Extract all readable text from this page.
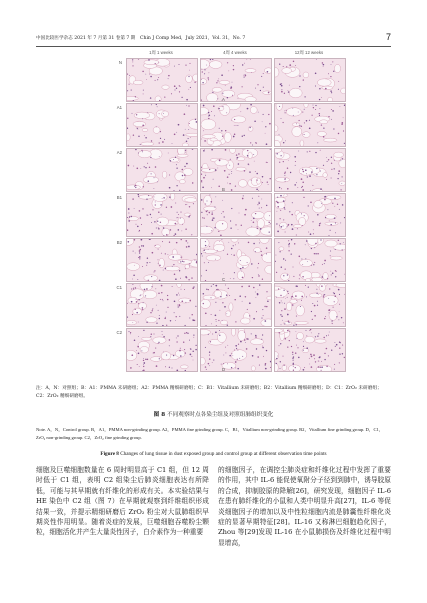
中国比较医学杂志 2021 年 7 月第 31 卷第 7 期　Chin J Comp Med，July 2021，Vol. 31，No. 7	7
1周 1 weeks	4周 4 weeks	12周 12 weeks
N
A1
A2
B1
B2
C1
C2
A
B
C
D
注：A，N：对照组；B：A1：PMMA 未研磨组；A2：PMMA 精细研磨组；C：B1：Vitallium 未研磨组；B2：Vitallium 精细研磨组；D：C1：ZrO₂ 未研磨组；C2：ZrO₂ 精细研磨组。
图 8 不同观察时点各染尘组及对照组肺组织变化
Note. A，N，Control group. B，A1，PMMA non-grinding group. A2，PMMA fine grinding group. C，B1，Vitallium non-grinding group. B2，Vitallium fine grinding group. D，C1，ZrO₂ non-grinding group. C2，ZrO₂ fine grinding group.
Figure 8 Changes of lung tissue in dust exposed group and control group at different observation time points

细胞及巨噬细胞数量在 6 周时明显高于 C1 组，但 12 周时低于 C1 组，表明 C2 组染尘后肺炎细胞表达有所降低，可能与其早期就有纤维化的形成有关。本实验结果与 HE 染色中 C2 组（图 7）在早期就观察到纤维组织形成结果一致，并提示精细研磨后 ZrO₂ 粉尘对大鼠肺组织早期炎性作用明显。随着炎症的发展，巨噬细胞吞噬粉尘颗粒，细胞活化并产生大量炎性因子，白介素作为一种重要

的细胞因子，在调控尘肺炎症和纤维化过程中发挥了重要的作用，其中 IL-6 能促使氧附分子径到到肺中，诱导胶原的合成，抑制胶原的降解[26]，研究发现，细胞因子 IL-6 在患有肺纤维化的小鼠和人类中明显升高[27]，IL-6 等促炎细胞因子的增加以及中性粒细胞内流是肺囊性纤维化炎症的显著早期特征[28]。IL-16 又称淋巴细胞趋化因子，Zhou 等[29]发现 IL-16 在小鼠肺损伤及纤维化过程中明显增高，
